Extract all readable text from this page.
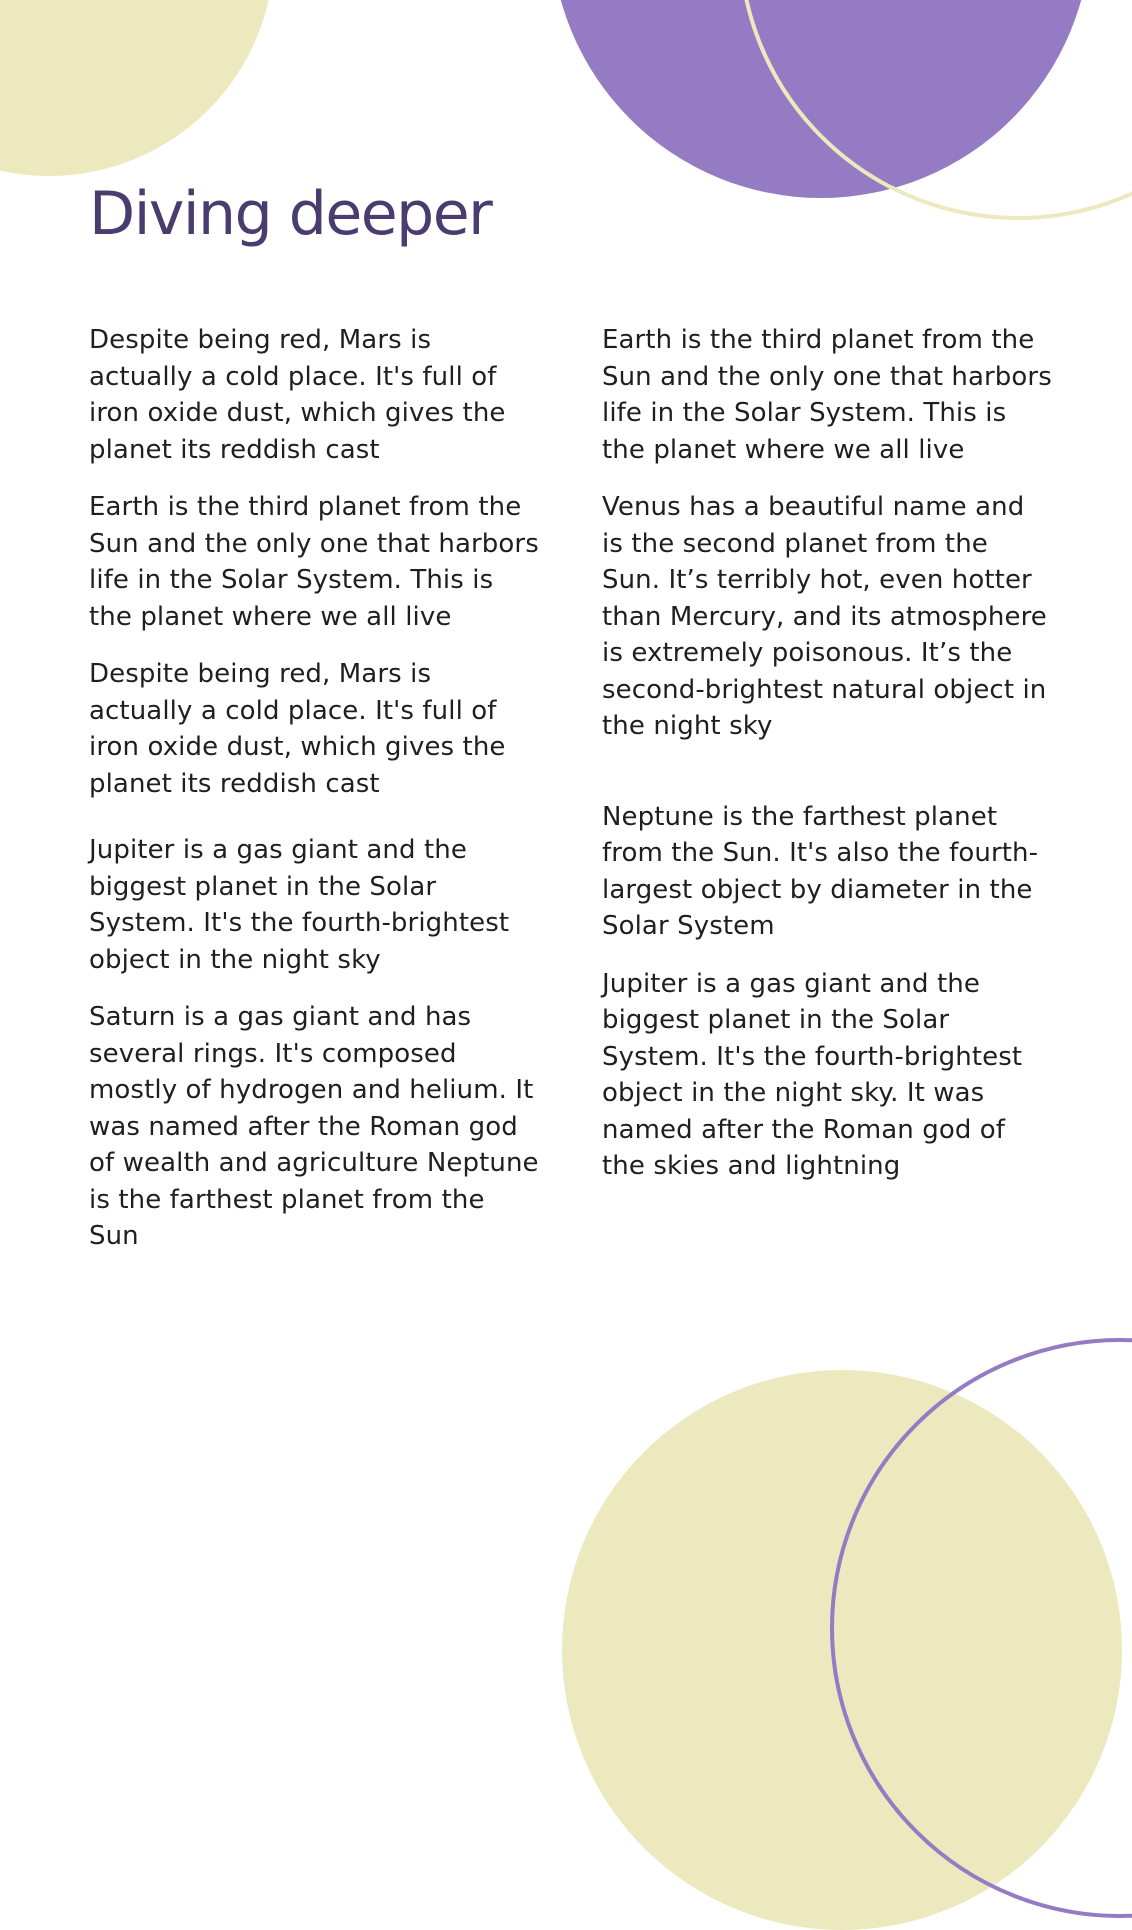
Diving deeper

Despite being red, Mars is actually a cold place. It's full of iron oxide dust, which gives the planet its reddish cast

Earth is the third planet from the Sun and the only one that harbors life in the Solar System. This is the planet where we all live

Despite being red, Mars is actually a cold place. It's full of iron oxide dust, which gives the planet its reddish cast

Jupiter is a gas giant and the biggest planet in the Solar System. It's the fourth-brightest object in the night sky

Saturn is a gas giant and has several rings. It's composed mostly of hydrogen and helium. It was named after the Roman god of wealth and agriculture Neptune is the farthest planet from the Sun

Earth is the third planet from the Sun and the only one that harbors life in the Solar System. This is the planet where we all live

Venus has a beautiful name and is the second planet from the Sun. It’s terribly hot, even hotter than Mercury, and its atmosphere is extremely poisonous. It’s the second-brightest natural object in the night sky

Neptune is the farthest planet from the Sun. It's also the fourth-largest object by diameter in the Solar System

Jupiter is a gas giant and the biggest planet in the Solar System. It's the fourth-brightest object in the night sky. It was named after the Roman god of the skies and lightning
